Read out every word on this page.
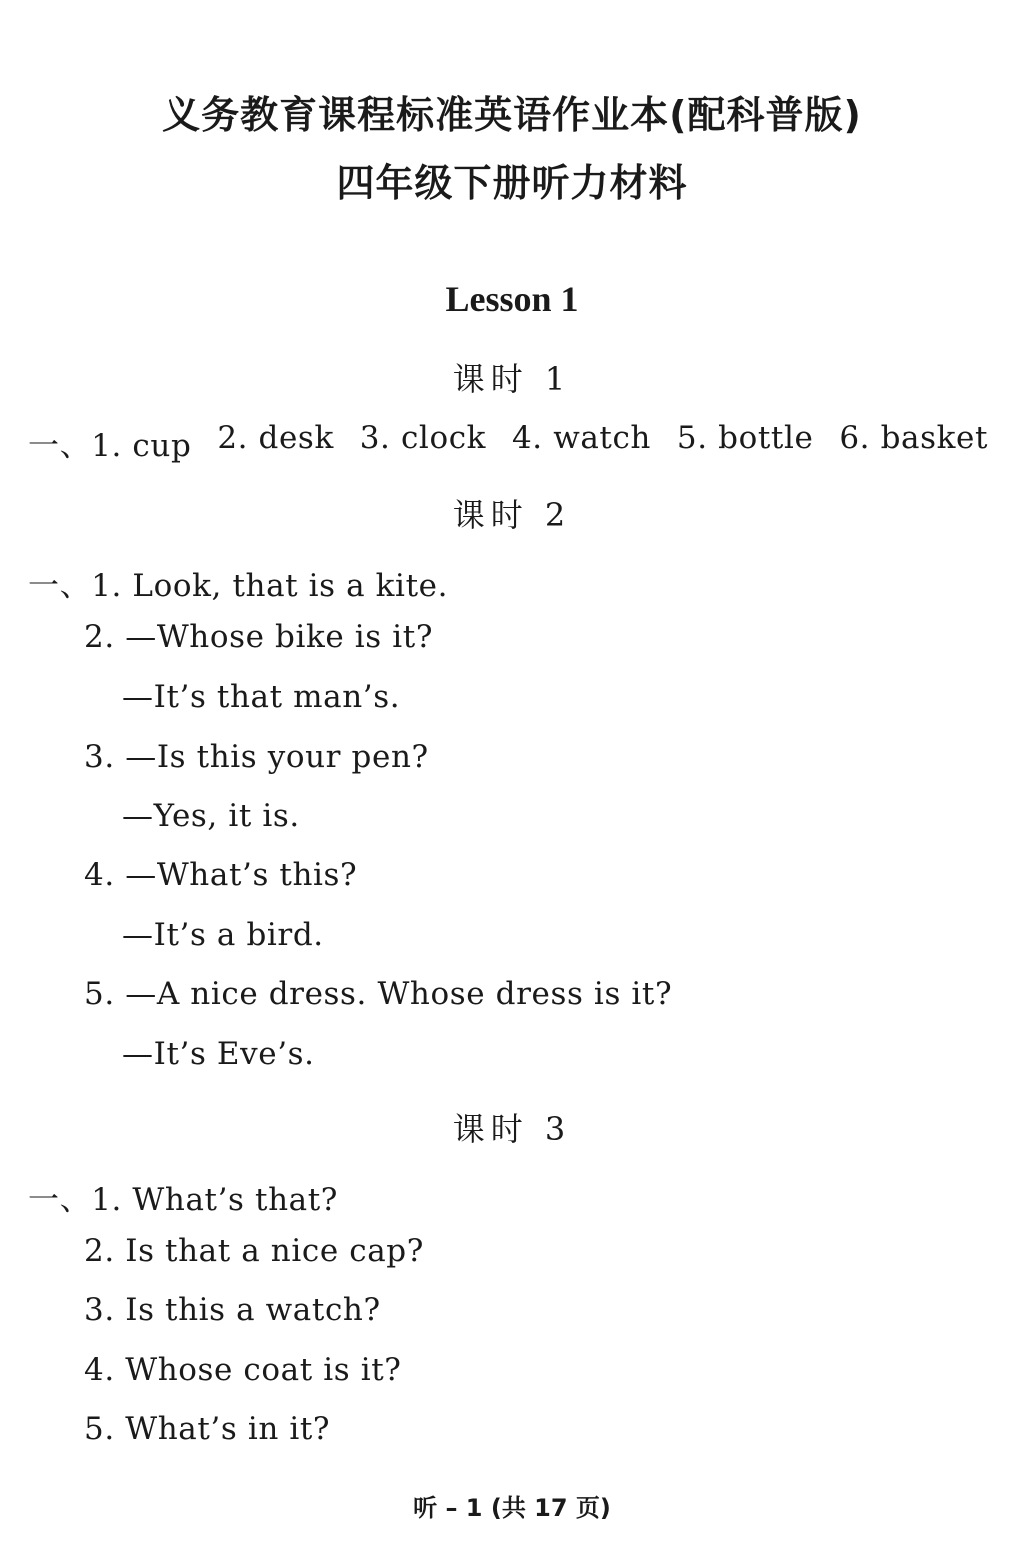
义务教育课程标准英语作业本(配科普版)
四年级下册听力材料
Lesson 1
课时 1
一、1. cup 2. desk 3. clock 4. watch 5. bottle 6. basket
课时 2
一、1. Look, that is a kite.
2. —Whose bike is it?
—It’s that man’s.
3. —Is this your pen?
—Yes, it is.
4. —What’s this?
—It’s a bird.
5. —A nice dress. Whose dress is it?
—It’s Eve’s.
课时 3
一、1. What’s that?
2. Is that a nice cap?
3. Is this a watch?
4. Whose coat is it?
5. What’s in it?
听 – 1 (共 17 页)
